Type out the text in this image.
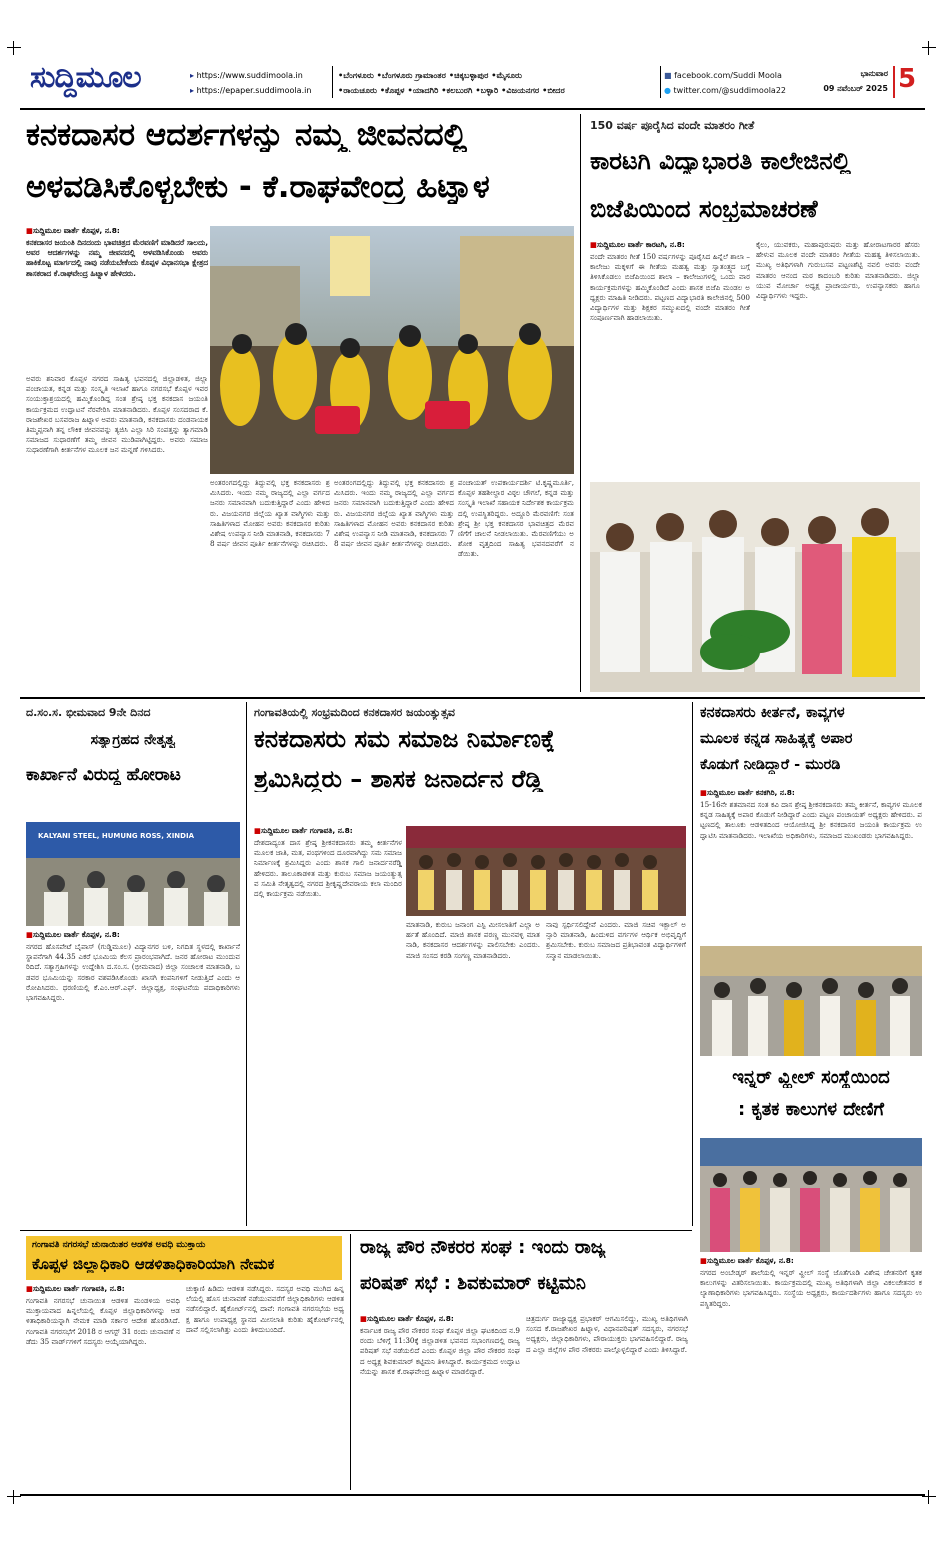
ಸುದ್ದಿಮೂಲ	▸ https://www.suddimoola.in
▸ https://epaper.suddimoola.in
•ಬೆಂಗಳೂರು •ಬೆಂಗಳೂರು ಗ್ರಾಮಾಂತರ •ಚಿಕ್ಕಬಳ್ಳಾಪುರ •ಮೈಸೂರು
•ರಾಯಚೂರು •ಕೊಪ್ಪಳ •ಯಾದಗಿರಿ •ಕಲಬುರಗಿ •ಬಳ್ಳಾರಿ •ವಿಜಯನಗರ •ಬೀದರ
■ facebook.com/Suddi Moola
● twitter.com/@suddimoola22
ಭಾನುವಾರ
09 ನವೆಂಬರ್ 2025 5
ಕನಕದಾಸರ ಆದರ್ಶಗಳನ್ನು ನಮ್ಮ ಜೀವನದಲ್ಲಿ
ಅಳವಡಿಸಿಕೊಳ್ಳಬೇಕು - ಕೆ.ರಾಘವೇಂದ್ರ ಹಿಟ್ನಾಳ
■ಸುದ್ದಿಮೂಲ ವಾರ್ತೆ ಕೊಪ್ಪಳ, ನ.8:
ಕನಕದಾಸರ ಜಯಂತಿ ದಿನದಂದು ಭಾವಚಿತ್ರದ ಮೆರವಣಿಗೆ ಮಾಡಿದರೆ ಸಾಲದು, ಅವರ ಆದರ್ಶಗಳನ್ನು ನಮ್ಮ ಜೀವನದಲ್ಲಿ ಅಳವಡಿಸಿಕೊಂಡು ಅವರು ಹಾಕಿಕೊಟ್ಟ ಮಾರ್ಗದಲ್ಲಿ ನಾವು ನಡೆಯಬೇಕೆಂದು ಕೊಪ್ಪಳ ವಿಧಾನಸಭಾ ಕ್ಷೇತ್ರದ ಶಾಸಕರಾದ ಕೆ.ರಾಘವೇಂದ್ರ ಹಿಟ್ನಾಳ ಹೇಳಿದರು.
ಅವರು ಶನಿವಾರ ಕೊಪ್ಪಳ ನಗರದ ಸಾಹಿತ್ಯ ಭವನದಲ್ಲಿ ಜಿಲ್ಲಾಡಳಿತ, ಜಿಲ್ಲಾ ಪಂಚಾಯತ, ಕನ್ನಡ ಮತ್ತು ಸಂಸ್ಕೃತಿ ಇಲಾಖೆ ಹಾಗೂ ನಗರಸಭೆ ಕೊಪ್ಪಳ ಇವರ ಸಂಯುಕ್ತಾಶ್ರಯದಲ್ಲಿ ಹಮ್ಮಿಕೊಂಡಿದ್ದ ಸಂತ ಶ್ರೇಷ್ಠ ಭಕ್ತ ಕನಕದಾಸ ಜಯಂತಿ ಕಾರ್ಯಕ್ರಮದ ಉದ್ಘಾಟನೆ ನೆರವೇರಿಸಿ ಮಾತನಾಡಿದರು. ಕೊಪ್ಪಳ ಸಂಸದರಾದ ಕೆ.ರಾಜಶೇಖರ ಬಸವರಾಜ ಹಿಟ್ನಾಳ ಅವರು ಮಾತನಾಡಿ, ಕನಕದಾಸರು ದಂಡನಾಯಕ ತಿಮ್ಮಪ್ಪನಾಗಿ ತನ್ನ ಲೌಕಿಕ ಜೀವನವನ್ನು ತ್ಯಜಿಸಿ ಎಲ್ಲಾ ಸಿರಿ ಸಂಪತ್ತನ್ನು ತ್ಯಾಗಮಾಡಿ ಸಮಾಜದ ಸುಧಾರಣೆಗೆ ತಮ್ಮ ಜೀವನ ಮುಡಿಪಾಗಿಟ್ಟಿದ್ದರು. ಅವರು ಸಮಾಜ ಸುಧಾರಣೆಗಾಗಿ ಕೀರ್ತನೆಗಳ ಮೂಲಕ ಜನ ಮನ್ನಣೆ ಗಳಿಸಿದರು.
ಅಂತರಂಗದಲ್ಲಿದ್ದು ತಿದ್ದುವಲ್ಲಿ ಭಕ್ತ ಕನಕದಾಸರು ಶ್ರಮಿಸಿದರು. ಇಂದು ನಮ್ಮ ರಾಜ್ಯದಲ್ಲಿ ಎಲ್ಲಾ ವರ್ಗದ ಜನರು ಸಮಾನವಾಗಿ ಬದುಕುತ್ತಿದ್ದಾರೆ ಎಂದು ಹೇಳಿದರು. ವಿಜಯನಗರ ಜಿಲ್ಲೆಯ ಖ್ಯಾತ ವಾಗ್ಮಿಗಳು ಮತ್ತು ಸಾಹಿತಿಗಳಾದ ಮೋಹನ ಅವರು ಕನಕದಾಸರ ಕುರಿತು ವಿಶೇಷ ಉಪನ್ಯಾಸ ನೀಡಿ ಮಾತನಾಡಿ, ಕನಕದಾಸರು 78 ವರ್ಷ ಜೀವನ ಪೂರ್ತಿ ಕೀರ್ತನೆಗಳನ್ನು ರಚಿಸಿದರು.
ಅಂತರಂಗದಲ್ಲಿದ್ದು ತಿದ್ದುವಲ್ಲಿ ಭಕ್ತ ಕನಕದಾಸರು ಶ್ರಮಿಸಿದರು. ಇಂದು ನಮ್ಮ ರಾಜ್ಯದಲ್ಲಿ ಎಲ್ಲಾ ವರ್ಗದ ಜನರು ಸಮಾನವಾಗಿ ಬದುಕುತ್ತಿದ್ದಾರೆ ಎಂದು ಹೇಳಿದರು. ವಿಜಯನಗರ ಜಿಲ್ಲೆಯ ಖ್ಯಾತ ವಾಗ್ಮಿಗಳು ಮತ್ತು ಸಾಹಿತಿಗಳಾದ ಮೋಹನ ಅವರು ಕನಕದಾಸರ ಕುರಿತು ವಿಶೇಷ ಉಪನ್ಯಾಸ ನೀಡಿ ಮಾತನಾಡಿ, ಕನಕದಾಸರು 78 ವರ್ಷ ಜೀವನ ಪೂರ್ತಿ ಕೀರ್ತನೆಗಳನ್ನು ರಚಿಸಿದರು.
ಪಂಚಾಯತ್ ಉಪಕಾರ್ಯದರ್ಶಿ ಟಿ.ಕೃಷ್ಣಮೂರ್ತಿ, ಕೊಪ್ಪಳ ತಹಶೀಲ್ದಾರ ವಿಠ್ಠಲ ಚೌಗಲೆ, ಕನ್ನಡ ಮತ್ತು ಸಂಸ್ಕೃತಿ ಇಲಾಖೆ ಸಹಾಯಕ ನಿರ್ದೇಶಕ ಕಾರ್ಯಕ್ರಮದಲ್ಲಿ ಉಪಸ್ಥಿತರಿದ್ದರು. ಅದ್ದೂರಿ ಮೆರವಣಿಗೆ: ಸಂತ ಶ್ರೇಷ್ಠ ಶ್ರೀ ಭಕ್ತ ಕನಕದಾಸರ ಭಾವಚಿತ್ರದ ಮೆರವಣಿಗೆಗೆ ಚಾಲನೆ ನೀಡಲಾಯಿತು. ಮೆರವಣಿಗೆಯು ಅಶೋಕ ವೃತ್ತದಿಂದ ಸಾಹಿತ್ಯ ಭವನದವರೆಗೆ ನಡೆಯಿತು.
150 ವರ್ಷ ಪೂರೈಸಿದ ವಂದೇ ಮಾತರಂ ಗೀತೆ
ಕಾರಟಗಿ ವಿದ್ಯಾಭಾರತಿ ಕಾಲೇಜಿನಲ್ಲಿ
ಬಿಜೆಪಿಯಿಂದ ಸಂಭ್ರಮಾಚರಣೆ
■ಸುದ್ದಿಮೂಲ ವಾರ್ತೆ ಕಾರಟಗಿ, ನ.8:
ವಂದೇ ಮಾತರಂ ಗೀತೆ 150 ವರ್ಷಗಳನ್ನು ಪೂರೈಸಿದ ಹಿನ್ನೆಲೆ ಶಾಲಾ – ಕಾಲೇಜು ಮಕ್ಕಳಿಗೆ ಈ ಗೀತೆಯ ಮಹತ್ವ ಮತ್ತು ಸ್ವಾತಂತ್ರ್ಯದ ಬಗ್ಗೆ ತಿಳಿಸಿಕೊಡಲು ಬಿಜೆಪಿಯಿಂದ ಶಾಲಾ – ಕಾಲೇಜುಗಳಲ್ಲಿ ಒಂದು ವಾರ ಕಾರ್ಯಕ್ರಮಗಳನ್ನು ಹಮ್ಮಿಕೊಂಡಿದೆ ಎಂದು ಶಾಸಕ ಬಿಜೆಪಿ ಮಂಡಲ ಅಧ್ಯಕ್ಷರು ಮಾಹಿತಿ ನೀಡಿದರು. ಪಟ್ಟಣದ ವಿದ್ಯಾಭಾರತಿ ಕಾಲೇಜಿನಲ್ಲಿ 500 ವಿದ್ಯಾರ್ಥಿಗಳ ಮತ್ತು ಶಿಕ್ಷಕರ ಸಮ್ಮುಖದಲ್ಲಿ ವಂದೇ ಮಾತರಂ ಗೀತೆ ಸಂಪೂರ್ಣವಾಗಿ ಹಾಡಲಾಯಿತು.
ಕೈಲು, ಯುವಕರು, ಮಹಾಪುರುಷರು ಮತ್ತು ಹೋರಾಟಗಾರರ ಹೆಸರು ಹೇಳುವ ಮೂಲಕ ವಂದೇ ಮಾತರಂ ಗೀತೆಯ ಮಹತ್ವ ತಿಳಿಸಲಾಯಿತು. ಮುಖ್ಯ ಅತಿಥಿಗಳಾಗಿ ಗುರುಬಸವ ಪಟ್ಟಣಶೆಟ್ಟಿ ನವಲಿ ಅವರು ವಂದೇ ಮಾತರಂ ಆನಂದ ಮಠ ಕಾದಂಬರಿ ಕುರಿತು ಮಾತನಾಡಿದರು. ಜಿಲ್ಲಾ ಯುವ ಮೋರ್ಚಾ ಅಧ್ಯಕ್ಷ ಪ್ರಾಚಾರ್ಯರು, ಉಪನ್ಯಾಸಕರು ಹಾಗೂ ವಿದ್ಯಾರ್ಥಿಗಳು ಇದ್ದರು.
ದ.ಸಂ.ಸ. ಭೀಮವಾದ 9ನೇ ದಿನದ
ಸತ್ಯಾಗ್ರಹದ ನೇತೃತ್ವ
ಕಾರ್ಖಾನೆ ವಿರುದ್ಧ ಹೋರಾಟ
KALYANI STEEL, HUMUNG ROSS, XINDIA
■ಸುದ್ದಿಮೂಲ ವಾರ್ತೆ ಕೊಪ್ಪಳ, ನ.8:
ನಗರದ ಹೊಸಪೇಟೆ ಬೈಪಾಸ್ (ಗುಡ್ಡಿಮೂಲ) ವಿದ್ಯಾನಗರ ಬಳಿ, ನಿಗದಿತ ಸ್ಥಳದಲ್ಲಿ ಕಾರ್ಖಾನೆ ಸ್ಥಾಪನೆಗಾಗಿ 44.35 ಎಕರೆ ಭೂಮಿಯ ಕೆಲಸ ಪ್ರಾರಂಭವಾಗಿದೆ. ಜನರ ಹೋರಾಟ ಮುಂದುವರಿದಿದೆ. ಸತ್ಯಾಗ್ರಹಿಗಳನ್ನು ಉದ್ದೇಶಿಸಿ ದ.ಸಂ.ಸ. (ಭೀಮವಾದ) ಜಿಲ್ಲಾ ಸಂಚಾಲಕ ಮಾತನಾಡಿ, ಬಡವರ ಭೂಮಿಯನ್ನು ಸರಕಾರ ವಶಪಡಿಸಿಕೊಂಡು ಖಾಸಗಿ ಕಂಪನಿಗಳಿಗೆ ನೀಡುತ್ತಿದೆ ಎಂದು ಆರೋಪಿಸಿದರು. ಧರಣಿಯಲ್ಲಿ ಕೆ.ಎಂ.ಆರ್.ಎಫ್. ಜಿಲ್ಲಾಧ್ಯಕ್ಷ, ಸಂಘಟನೆಯ ಪದಾಧಿಕಾರಿಗಳು ಭಾಗವಹಿಸಿದ್ದರು.
ಗಂಗಾವತಿಯಲ್ಲಿ ಸಂಭ್ರಮದಿಂದ ಕನಕದಾಸರ ಜಯಂತ್ಯುತ್ಸವ
ಕನಕದಾಸರು ಸಮ ಸಮಾಜ ನಿರ್ಮಾಣಕ್ಕೆ
ಶ್ರಮಿಸಿದ್ದರು – ಶಾಸಕ ಜನಾರ್ದನ ರೆಡ್ಡಿ
■ಸುದ್ದಿಮೂಲ ವಾರ್ತೆ ಗಂಗಾವತಿ, ನ.8:
ದೇಶದಾದ್ಯಂತ ದಾಸ ಶ್ರೇಷ್ಠ ಶ್ರೀಕನಕದಾಸರು ತಮ್ಮ ಕೀರ್ತನೆಗಳ ಮೂಲಕ ಜಾತಿ, ಮತ, ಪಂಥಗಳಿಂದ ದೂರವಾಗಿದ್ದು ಸಮ ಸಮಾಜ ನಿರ್ಮಾಣಕ್ಕೆ ಶ್ರಮಿಸಿದ್ದರು ಎಂದು ಶಾಸಕ ಗಾಲಿ ಜನಾರ್ದನರೆಡ್ಡಿ ಹೇಳಿದರು. ತಾಲೂಕಾಡಳಿತ ಮತ್ತು ಕುರುಬ ಸಮಾಜ ಜಯಂತ್ಯುತ್ಸವ ಸಮಿತಿ ನೇತೃತ್ವದಲ್ಲಿ ನಗರದ ಶ್ರೀಕೃಷ್ಣದೇವರಾಯ ಕಲಾ ಮಂದಿರದಲ್ಲಿ ಕಾರ್ಯಕ್ರಮ ನಡೆಯಿತು.
ಮಾತನಾಡಿ, ಕುರುಬ ಜನಾಂಗ ಎಸ್ಟಿ ಮೀಸಲಾತಿಗೆ ಎಲ್ಲಾ ಅರ್ಹತೆ ಹೊಂದಿದೆ. ಮಾಜಿ ಶಾಸಕ ಪರಣ್ಣ ಮುನವಳ್ಳಿ ಮಾತನಾಡಿ, ಕನಕದಾಸರ ಆದರ್ಶಗಳನ್ನು ಪಾಲಿಸಬೇಕು ಎಂದರು. ಮಾಜಿ ಸಂಸದ ಕರಡಿ ಸಂಗಣ್ಣ ಮಾತನಾಡಿದರು.
ನಾವು ಸ್ಪರ್ಧಿಸಲಿದ್ದೇವೆ ಎಂದರು. ಮಾಜಿ ಸಚಿವ ಇಕ್ಬಾಲ್ ಅನ್ಸಾರಿ ಮಾತನಾಡಿ, ಹಿಂದುಳಿದ ವರ್ಗಗಳ ಆರ್ಥಿಕ ಅಭಿವೃದ್ಧಿಗೆ ಶ್ರಮಿಸಬೇಕು. ಕುರುಬ ಸಮಾಜದ ಪ್ರತಿಭಾವಂತ ವಿದ್ಯಾರ್ಥಿಗಳಿಗೆ ಸನ್ಮಾನ ಮಾಡಲಾಯಿತು.
ಕನಕದಾಸರು ಕೀರ್ತನೆ, ಕಾವ್ಯಗಳ
ಮೂಲಕ ಕನ್ನಡ ಸಾಹಿತ್ಯಕ್ಕೆ ಅಪಾರ
ಕೊಡುಗೆ ನೀಡಿದ್ದಾರೆ - ಮುರಡಿ
■ಸುದ್ದಿಮೂಲ ವಾರ್ತೆ ಕನಕಗಿರಿ, ನ.8:
15-16ನೇ ಶತಮಾನದ ಸಂತ ಕವಿ ದಾಸ ಶ್ರೇಷ್ಠ ಶ್ರೀಕನಕದಾಸರು ತಮ್ಮ ಕೀರ್ತನೆ, ಕಾವ್ಯಗಳ ಮೂಲಕ ಕನ್ನಡ ಸಾಹಿತ್ಯಕ್ಕೆ ಅಪಾರ ಕೊಡುಗೆ ನೀಡಿದ್ದಾರೆ ಎಂದು ಪಟ್ಟಣ ಪಂಚಾಯತ್ ಅಧ್ಯಕ್ಷರು ಹೇಳಿದರು. ಪಟ್ಟಣದಲ್ಲಿ ತಾಲೂಕು ಆಡಳಿತದಿಂದ ಆಯೋಜಿಸಿದ್ದ ಶ್ರೀ ಕನಕದಾಸರ ಜಯಂತಿ ಕಾರ್ಯಕ್ರಮ ಉದ್ಘಾಟಿಸಿ ಮಾತನಾಡಿದರು. ಇಲಾಖೆಯ ಅಧಿಕಾರಿಗಳು, ಸಮಾಜದ ಮುಖಂಡರು ಭಾಗವಹಿಸಿದ್ದರು.
ಇನ್ನರ್ ವ್ಹೀಲ್ ಸಂಸ್ಥೆಯಿಂದ
: ಕೃತಕ ಕಾಲುಗಳ ದೇಣಿಗೆ
■ಸುದ್ದಿಮೂಲ ವಾರ್ತೆ ಕೊಪ್ಪಳ, ನ.8:
ನಗರದ ಅಂಬೇಡ್ಕರ್ ಶಾಲೆಯಲ್ಲಿ ಇನ್ನರ್ ವ್ಹೀಲ್ ಸಂಸ್ಥೆ ಜೊತೆಗೂಡಿ ವಿಶೇಷ ಚೇತನರಿಗೆ ಕೃತಕ ಕಾಲುಗಳನ್ನು ವಿತರಿಸಲಾಯಿತು. ಕಾರ್ಯಕ್ರಮದಲ್ಲಿ ಮುಖ್ಯ ಅತಿಥಿಗಳಾಗಿ ಜಿಲ್ಲಾ ವಿಕಲಚೇತನರ ಕಲ್ಯಾಣಾಧಿಕಾರಿಗಳು ಭಾಗವಹಿಸಿದ್ದರು. ಸಂಸ್ಥೆಯ ಅಧ್ಯಕ್ಷರು, ಕಾರ್ಯದರ್ಶಿಗಳು ಹಾಗೂ ಸದಸ್ಯರು ಉಪಸ್ಥಿತರಿದ್ದರು.
ಗಂಗಾವತಿ ನಗರಸಭೆ ಚುನಾಯಿತರ ಆಡಳಿತ ಅವಧಿ ಮುಕ್ತಾಯ
ಕೊಪ್ಪಳ ಜಿಲ್ಲಾಧಿಕಾರಿ ಆಡಳಿತಾಧಿಕಾರಿಯಾಗಿ ನೇಮಕ
■ಸುದ್ದಿಮೂಲ ವಾರ್ತೆ ಗಂಗಾವತಿ, ನ.8:
ಗಂಗಾವತಿ ನಗರಸಭೆ ಚುನಾಯಿತ ಆಡಳಿತ ಮಂಡಳಿಯ ಅವಧಿ ಮುಕ್ತಾಯವಾದ ಹಿನ್ನಲೆಯಲ್ಲಿ ಕೊಪ್ಪಳ ಜಿಲ್ಲಾಧಿಕಾರಿಗಳನ್ನು ಆಡಳಿತಾಧಿಕಾರಿಯನ್ನಾಗಿ ನೇಮಕ ಮಾಡಿ ಸರ್ಕಾರ ಆದೇಶ ಹೊರಡಿಸಿದೆ. ಗಂಗಾವತಿ ನಗರಸಭೆಗೆ 2018 ರ ಆಗಸ್ಟ್ 31 ರಂದು ಚುನಾವಣೆ ನಡೆದು 35 ವಾರ್ಡ್‌ಗಳಿಗೆ ಸದಸ್ಯರು ಆಯ್ಕೆಯಾಗಿದ್ದರು.
ಚುಕ್ಕಾಣಿ ಹಿಡಿದು ಆಡಳಿತ ನಡೆಸಿದ್ದರು. ಸದಸ್ಯರ ಅವಧಿ ಮುಗಿದ ಹಿನ್ನಲೆಯಲ್ಲಿ ಹೊಸ ಚುನಾವಣೆ ನಡೆಯುವವರೆಗೆ ಜಿಲ್ಲಾಧಿಕಾರಿಗಳು ಆಡಳಿತ ನಡೆಸಲಿದ್ದಾರೆ. ಹೈಕೋರ್ಟ್‌ನಲ್ಲಿ ದಾವೆ: ಗಂಗಾವತಿ ನಗರಸಭೆಯ ಅಧ್ಯಕ್ಷ ಹಾಗೂ ಉಪಾಧ್ಯಕ್ಷ ಸ್ಥಾನದ ಮೀಸಲಾತಿ ಕುರಿತು ಹೈಕೋರ್ಟ್‌ನಲ್ಲಿ ದಾವೆ ಸಲ್ಲಿಸಲಾಗಿತ್ತು ಎಂದು ತಿಳಿದುಬಂದಿದೆ.
ರಾಜ್ಯ ಪೌರ ನೌಕರರ ಸಂಘ : ಇಂದು ರಾಜ್ಯ
ಪರಿಷತ್ ಸಭೆ : ಶಿವಕುಮಾರ್ ಕಟ್ಟಿಮನಿ
■ಸುದ್ದಿಮೂಲ ವಾರ್ತೆ ಕೊಪ್ಪಳ, ನ.8:
ಕರ್ನಾಟಕ ರಾಜ್ಯ ಪೌರ ನೌಕರರ ಸಂಘ ಕೊಪ್ಪಳ ಜಿಲ್ಲಾ ಘಟಕದಿಂದ ನ.9 ರಂದು ಬೆಳಿಗ್ಗೆ 11:30ಕ್ಕೆ ಜಿಲ್ಲಾಡಳಿತ ಭವನದ ಸಭಾಂಗಣದಲ್ಲಿ ರಾಜ್ಯ ಪರಿಷತ್ ಸಭೆ ನಡೆಯಲಿದೆ ಎಂದು ಕೊಪ್ಪಳ ಜಿಲ್ಲಾ ಪೌರ ನೌಕರರ ಸಂಘದ ಅಧ್ಯಕ್ಷ ಶಿವಕುಮಾರ್ ಕಟ್ಟಿಮನಿ ತಿಳಿಸಿದ್ದಾರೆ. ಕಾರ್ಯಕ್ರಮದ ಉದ್ಘಾಟನೆಯನ್ನು ಶಾಸಕ ಕೆ.ರಾಘವೇಂದ್ರ ಹಿಟ್ನಾಳ ಮಾಡಲಿದ್ದಾರೆ.
ಚಿತ್ರದುರ್ಗ ರಾಜ್ಯಾಧ್ಯಕ್ಷ ಪ್ರಭಾಕರ್ ಆಗಮಿಸಲಿದ್ದು, ಮುಖ್ಯ ಅತಿಥಿಗಳಾಗಿ ಸಂಸದ ಕೆ.ರಾಜಶೇಖರ ಹಿಟ್ನಾಳ, ವಿಧಾನಪರಿಷತ್ ಸದಸ್ಯರು, ನಗರಸಭೆ ಅಧ್ಯಕ್ಷರು, ಜಿಲ್ಲಾಧಿಕಾರಿಗಳು, ಪೌರಾಯುಕ್ತರು ಭಾಗವಹಿಸಲಿದ್ದಾರೆ. ರಾಜ್ಯದ ಎಲ್ಲಾ ಜಿಲ್ಲೆಗಳ ಪೌರ ನೌಕರರು ಪಾಲ್ಗೊಳ್ಳಲಿದ್ದಾರೆ ಎಂದು ತಿಳಿಸಿದ್ದಾರೆ.
